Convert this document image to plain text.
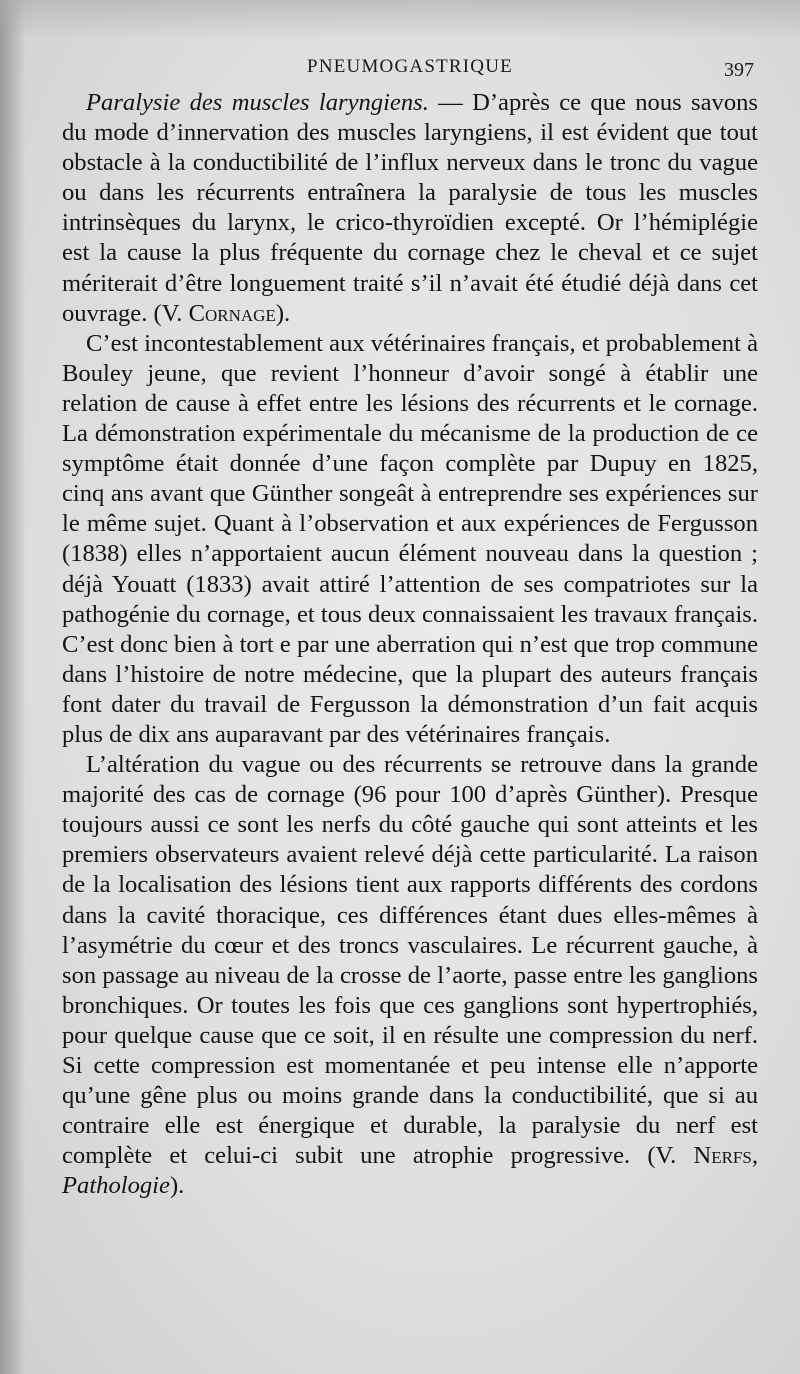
PNEUMOGASTRIQUE	397

Paralysie des muscles laryngiens. — D’après ce que nous savons du mode d’innervation des muscles laryngiens, il est évident que tout obstacle à la conductibilité de l’influx nerveux dans le tronc du vague ou dans les récurrents entraînera la paralysie de tous les muscles intrinsèques du larynx, le crico-thyroïdien excepté. Or l’hémiplégie est la cause la plus fréquente du cornage chez le cheval et ce sujet mériterait d’être longuement traité s’il n’avait été étudié déjà dans cet ouvrage. (V. Cornage).

C’est incontestablement aux vétérinaires français, et probablement à Bouley jeune, que revient l’honneur d’avoir songé à établir une relation de cause à effet entre les lésions des récurrents et le cornage. La démonstration expérimentale du mécanisme de la production de ce symptôme était donnée d’une façon complète par Dupuy en 1825, cinq ans avant que Günther songeât à entreprendre ses expériences sur le même sujet. Quant à l’observation et aux expériences de Fergusson (1838) elles n’apportaient aucun élément nouveau dans la question ; déjà Youatt (1833) avait attiré l’attention de ses compatriotes sur la pathogénie du cornage, et tous deux connaissaient les travaux français. C’est donc bien à tort e par une aberration qui n’est que trop commune dans l’histoire de notre médecine, que la plupart des auteurs français font dater du travail de Fergusson la démonstration d’un fait acquis plus de dix ans auparavant par des vétérinaires français.

L’altération du vague ou des récurrents se retrouve dans la grande majorité des cas de cornage (96 pour 100 d’après Günther). Presque toujours aussi ce sont les nerfs du côté gauche qui sont atteints et les premiers observateurs avaient relevé déjà cette particularité. La raison de la localisation des lésions tient aux rapports différents des cordons dans la cavité thoracique, ces différences étant dues elles-mêmes à l’asymétrie du cœur et des troncs vasculaires. Le récurrent gauche, à son passage au niveau de la crosse de l’aorte, passe entre les ganglions bronchiques. Or toutes les fois que ces ganglions sont hypertrophiés, pour quelque cause que ce soit, il en résulte une compression du nerf. Si cette compression est momentanée et peu intense elle n’apporte qu’une gêne plus ou moins grande dans la conductibilité, que si au contraire elle est énergique et durable, la paralysie du nerf est complète et celui-ci subit une atrophie progressive. (V. Nerfs, Pathologie).
